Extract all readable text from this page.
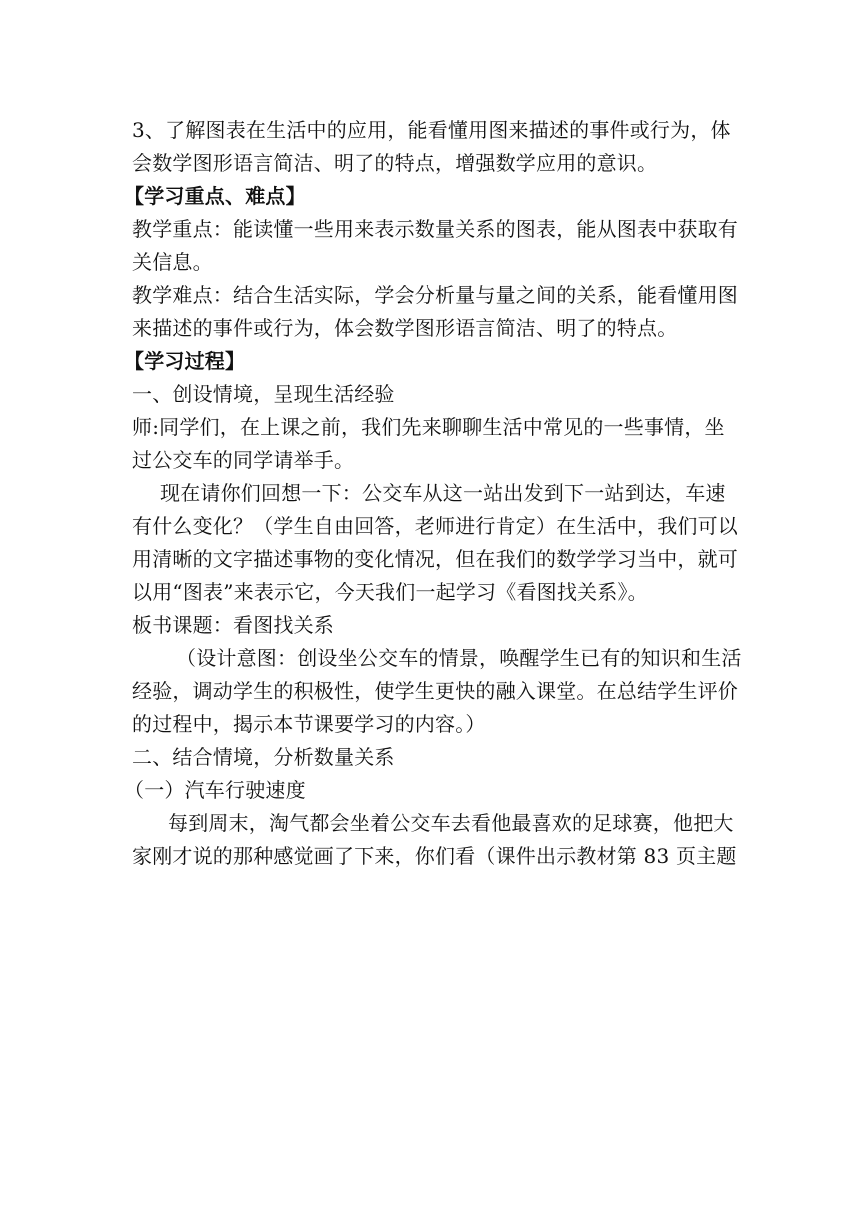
3、了解图表在生活中的应用，能看懂用图来描述的事件或行为，体
会数学图形语言简洁、明了的特点，增强数学应用的意识。
【学习重点、难点】
教学重点：能读懂一些用来表示数量关系的图表，能从图表中获取有
关信息。
教学难点：结合生活实际，学会分析量与量之间的关系，能看懂用图
来描述的事件或行为，体会数学图形语言简洁、明了的特点。
【学习过程】
一、创设情境，呈现生活经验
师:同学们，在上课之前，我们先来聊聊生活中常见的一些事情，坐
过公交车的同学请举手。
现在请你们回想一下：公交车从这一站出发到下一站到达，车速
有什么变化？（学生自由回答，老师进行肯定）在生活中，我们可以
用清晰的文字描述事物的变化情况，但在我们的数学学习当中，就可
以用“图表”来表示它，今天我们一起学习《看图找关系》。
板书课题：看图找关系
（设计意图：创设坐公交车的情景，唤醒学生已有的知识和生活
经验，调动学生的积极性，使学生更快的融入课堂。在总结学生评价
的过程中，揭示本节课要学习的内容。）
二、结合情境，分析数量关系
（一）汽车行驶速度
每到周末，淘气都会坐着公交车去看他最喜欢的足球赛，他把大
家刚才说的那种感觉画了下来，你们看（课件出示教材第 83 页主题
